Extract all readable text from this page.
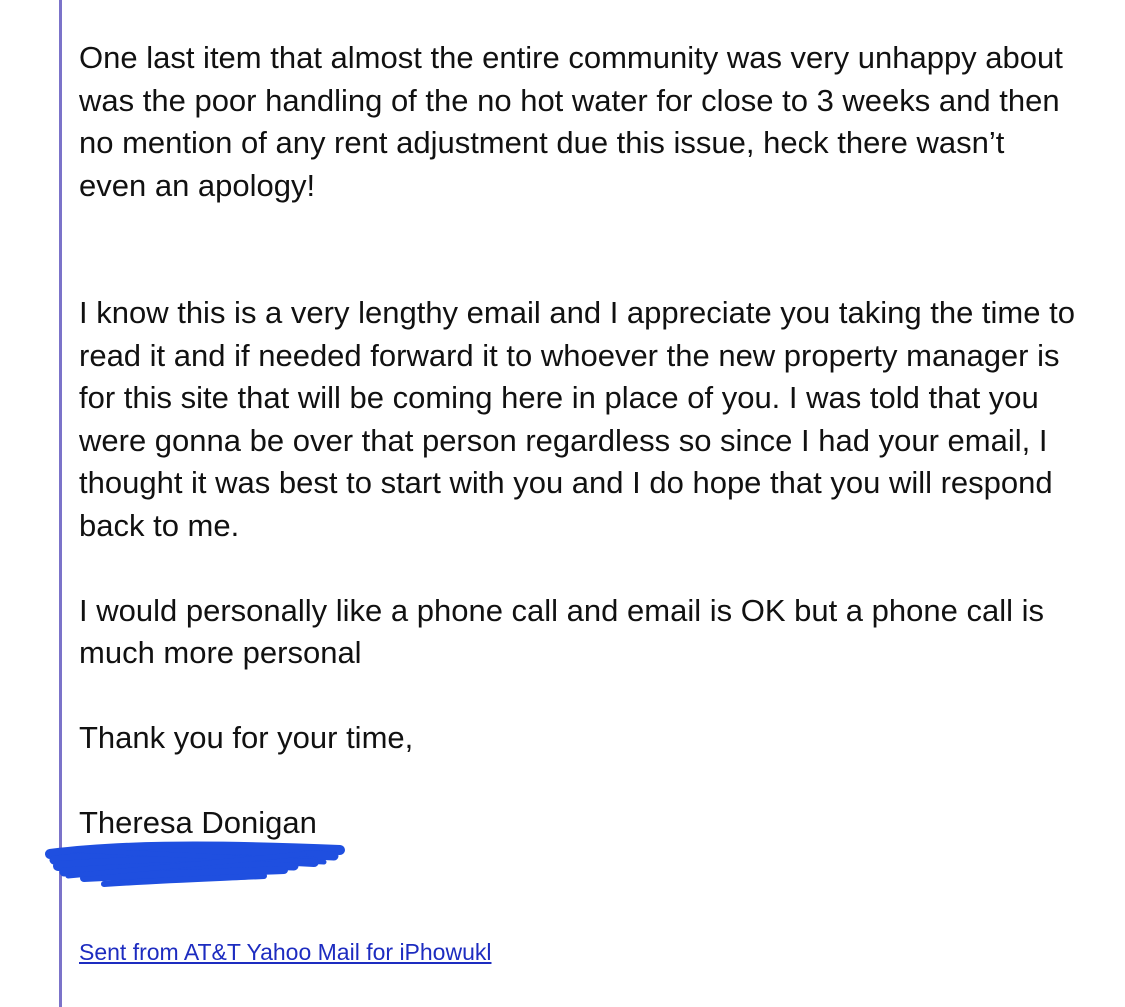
One last item that almost the entire community was very unhappy about was the poor handling of the no hot water for close to 3 weeks and then no mention of any rent adjustment due this issue, heck there wasn’t even an apology!

I know this is a very lengthy email and I appreciate you taking the time to read it and if needed forward it to whoever the new property manager is for this site that will be coming here in place of you. I was told that you were gonna be over that person regardless so since I had your email, I thought it was best to start with you and I do hope that you will respond back to me.

I would personally like a phone call and email is OK but a phone call is much more personal

Thank you for your time,

Theresa Donigan

Sent from AT&T Yahoo Mail for iPhowukl
